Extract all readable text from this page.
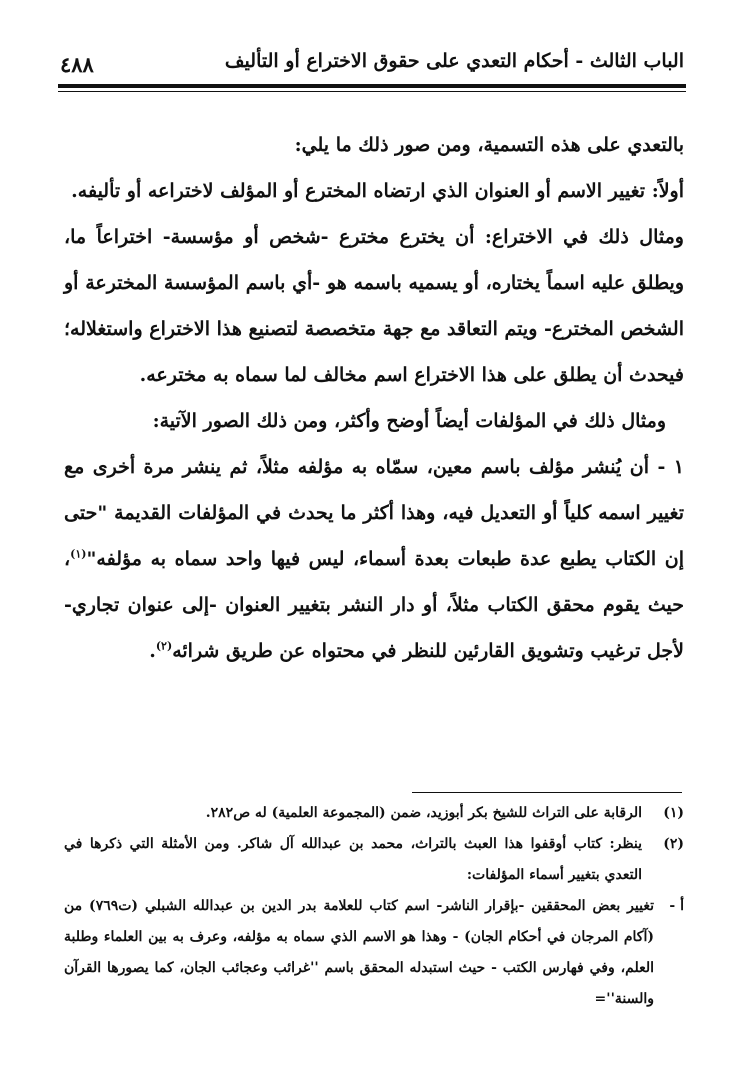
الباب الثالث - أحكام التعدي على حقوق الاختراع أو التأليف
٤٨٨

بالتعدي على هذه التسمية، ومن صور ذلك ما يلي:

أولاً: تغيير الاسم أو العنوان الذي ارتضاه المخترع أو المؤلف لاختراعه أو تأليفه.

ومثال ذلك في الاختراع: أن يخترع مخترع -شخص أو مؤسسة- اختراعاً ما، ويطلق عليه اسماً يختاره، أو يسميه باسمه هو -أي باسم المؤسسة المخترعة أو الشخص المخترع- ويتم التعاقد مع جهة متخصصة لتصنيع هذا الاختراع واستغلاله؛ فيحدث أن يطلق على هذا الاختراع اسم مخالف لما سماه به مخترعه.

ومثال ذلك في المؤلفات أيضاً أوضح وأكثر، ومن ذلك الصور الآتية:

١ - أن يُنشر مؤلف باسم معين، سمّاه به مؤلفه مثلاً، ثم ينشر مرة أخرى مع تغيير اسمه كلياً أو التعديل فيه، وهذا أكثر ما يحدث في المؤلفات القديمة "حتى إن الكتاب يطبع عدة طبعات بعدة أسماء، ليس فيها واحد سماه به مؤلفه"$^{(١)}$، حيث يقوم محقق الكتاب مثلاً، أو دار النشر بتغيير العنوان -إلى عنوان تجاري- لأجل ترغيب وتشويق القارئين للنظر في محتواه عن طريق شرائه$^{(٢)}$.

(١)
الرقابة على التراث للشيخ بكر أبوزيد، ضمن (المجموعة العلمية) له ص٢٨٢.
(٢)
ينظر: كتاب أوقفوا هذا العبث بالتراث، محمد بن عبدالله آل شاكر. ومن الأمثلة التي ذكرها في التعدي بتغيير أسماء المؤلفات:
أ -
تغيير بعض المحققين -بإقرار الناشر- اسم كتاب للعلامة بدر الدين بن عبدالله الشبلي (ت٧٦٩) من (آكام المرجان في أحكام الجان) - وهذا هو الاسم الذي سماه به مؤلفه، وعرف به بين العلماء وطلبة العلم، وفي فهارس الكتب - حيث استبدله المحقق باسم ''غرائب وعجائب الجان، كما يصورها القرآن والسنة''=
